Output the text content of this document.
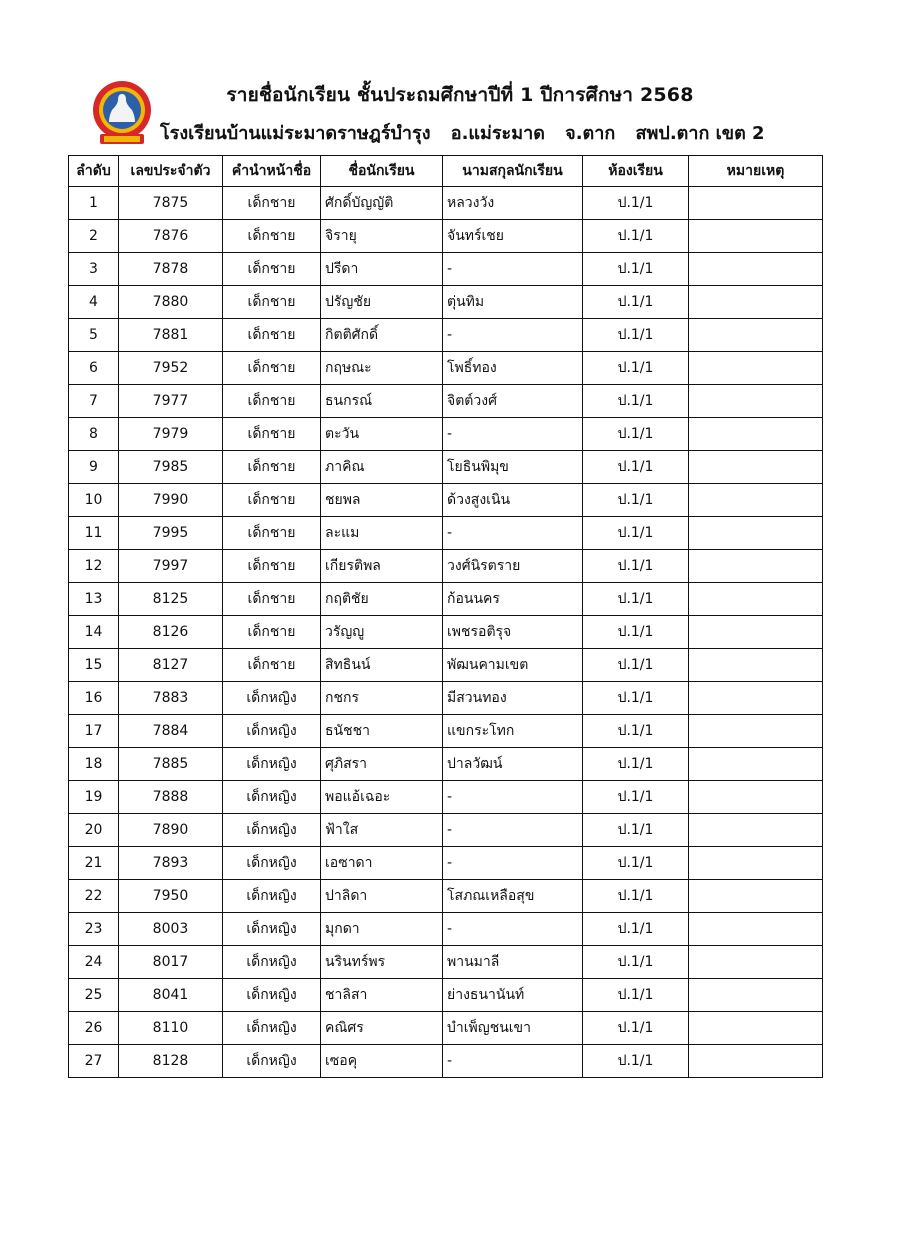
รายชื่อนักเรียน ชั้นประถมศึกษาปีที่ 1 ปีการศึกษา 2568
โรงเรียนบ้านแม่ระมาดราษฎร์บำรุง อ.แม่ระมาด จ.ตาก สพป.ตาก เขต 2
ลำดับ	เลขประจำตัว	คำนำหน้าชื่อ	ชื่อนักเรียน	นามสกุลนักเรียน	ห้องเรียน	หมายเหตุ
1	7875	เด็กชาย	ศักดิ์บัญญัติ	หลวงวัง	ป.1/1	
2	7876	เด็กชาย	จิรายุ	จันทร์เชย	ป.1/1	
3	7878	เด็กชาย	ปรีดา	-	ป.1/1	
4	7880	เด็กชาย	ปรัญชัย	ตุ่นทิม	ป.1/1	
5	7881	เด็กชาย	กิตติศักดิ์	-	ป.1/1	
6	7952	เด็กชาย	กฤษณะ	โพธิ์ทอง	ป.1/1	
7	7977	เด็กชาย	ธนกรณ์	จิตต์วงศ์	ป.1/1	
8	7979	เด็กชาย	ตะวัน	-	ป.1/1	
9	7985	เด็กชาย	ภาคิณ	โยธินพิมุข	ป.1/1	
10	7990	เด็กชาย	ชยพล	ด้วงสูงเนิน	ป.1/1	
11	7995	เด็กชาย	ละแม	-	ป.1/1	
12	7997	เด็กชาย	เกียรติพล	วงศ์นิรตราย	ป.1/1	
13	8125	เด็กชาย	กฤติชัย	ก้อนนคร	ป.1/1	
14	8126	เด็กชาย	วรัญญู	เพชรอติรุจ	ป.1/1	
15	8127	เด็กชาย	สิทธินน์	พัฒนคามเขต	ป.1/1	
16	7883	เด็กหญิง	กชกร	มีสวนทอง	ป.1/1	
17	7884	เด็กหญิง	ธนัชชา	แขกระโทก	ป.1/1	
18	7885	เด็กหญิง	ศุภิสรา	ปาลวัฒน์	ป.1/1	
19	7888	เด็กหญิง	พอแอ้เฉอะ	-	ป.1/1	
20	7890	เด็กหญิง	ฟ้าใส	-	ป.1/1	
21	7893	เด็กหญิง	เอซาดา	-	ป.1/1	
22	7950	เด็กหญิง	ปาลิดา	โสภณเหลือสุข	ป.1/1	
23	8003	เด็กหญิง	มุกดา	-	ป.1/1	
24	8017	เด็กหญิง	นรินทร์พร	พานมาลี	ป.1/1	
25	8041	เด็กหญิง	ชาลิสา	ย่างธนานันท์	ป.1/1	
26	8110	เด็กหญิง	คณิศร	บำเพ็ญชนเขา	ป.1/1	
27	8128	เด็กหญิง	เซอคุ	-	ป.1/1	
